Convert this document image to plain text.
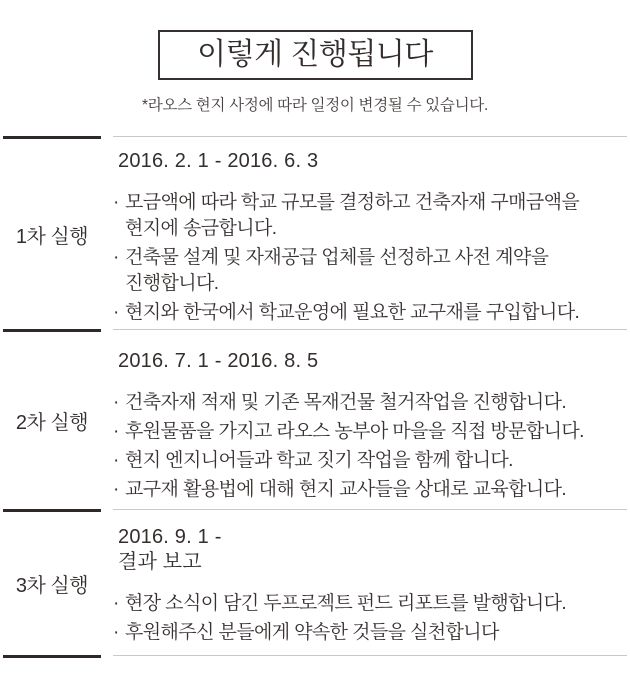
이렇게 진행됩니다

*라오스 현지 사정에 따라 일정이 변경될 수 있습니다.

1차 실행
2016. 2. 1 - 2016. 6. 3
· 모금액에 따라 학교 규모를 결정하고 건축자재 구매금액을 현지에 송금합니다.
· 건축물 설계 및 자재공급 업체를 선정하고 사전 계약을 진행합니다.
· 현지와 한국에서 학교운영에 필요한 교구재를 구입합니다.
2차 실행
2016. 7. 1 - 2016. 8. 5
· 건축자재 적재 및 기존 목재건물 철거작업을 진행합니다.
· 후원물품을 가지고 라오스 농부아 마을을 직접 방문합니다.
· 현지 엔지니어들과 학교 짓기 작업을 함께 합니다.
· 교구재 활용법에 대해 현지 교사들을 상대로 교육합니다.
3차 실행
2016. 9. 1 -
결과 보고
· 현장 소식이 담긴 두프로젝트 펀드 리포트를 발행합니다.
· 후원해주신 분들에게 약속한 것들을 실천합니다
